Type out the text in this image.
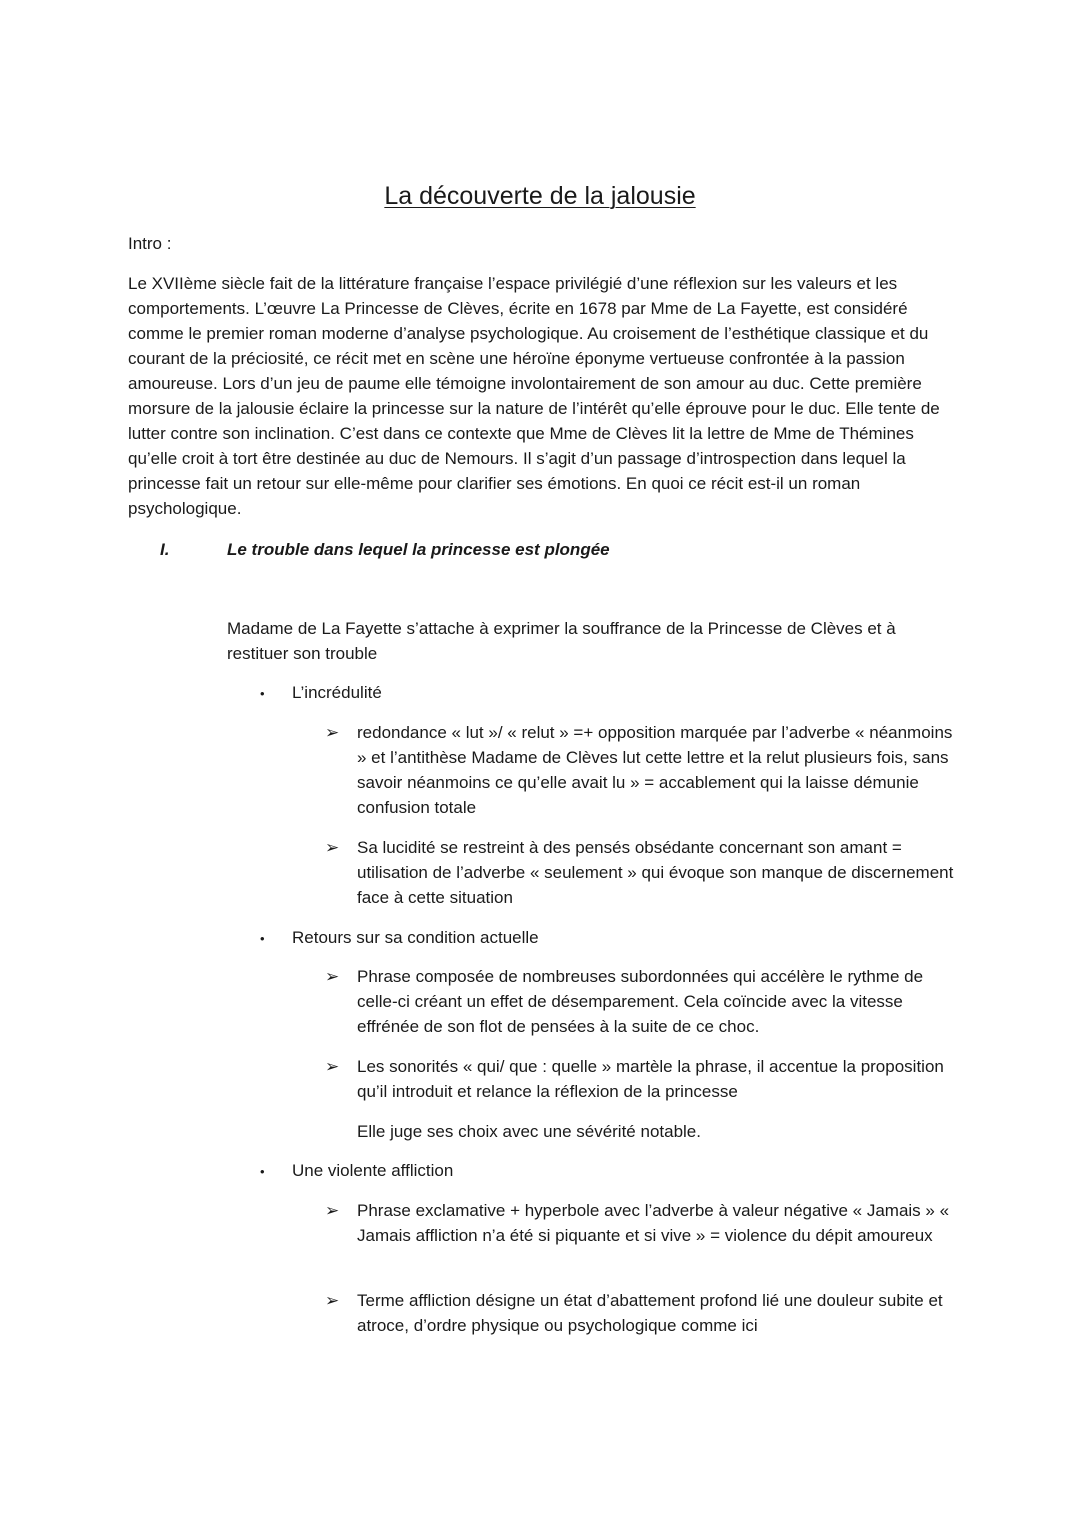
La découverte de la jalousie
Intro :

Le XVIIème siècle fait de la littérature française l’espace privilégié d’une réflexion sur les valeurs et les comportements. L’œuvre La Princesse de Clèves, écrite en 1678 par Mme de La Fayette, est considéré comme le premier roman moderne d’analyse psychologique. Au croisement de l’esthétique classique et du courant de la préciosité, ce récit met en scène une héroïne éponyme vertueuse confrontée à la passion amoureuse. Lors d’un jeu de paume elle témoigne involontairement de son amour au duc. Cette première morsure de la jalousie éclaire la princesse sur la nature de l’intérêt qu’elle éprouve pour le duc. Elle tente de lutter contre son inclination. C’est dans ce contexte que Mme de Clèves lit la lettre de Mme de Thémines qu’elle croit à tort être destinée au duc de Nemours. Il s’agit d’un passage d’introspection dans lequel la princesse fait un retour sur elle-même pour clarifier ses émotions. En quoi ce récit est-il un roman psychologique.

I.	Le trouble dans lequel la princesse est plongée

Madame de La Fayette s’attache à exprimer la souffrance de la Princesse de Clèves et à restituer son trouble

• L’incrédulité
➢	redondance « lut »/ « relut » =+ opposition marquée par l’adverbe « néanmoins » et l’antithèse Madame de Clèves lut cette lettre et la relut plusieurs fois, sans savoir néanmoins ce qu’elle avait lu » = accablement qui la laisse démunie confusion totale
➢	Sa lucidité se restreint à des pensés obsédante concernant son amant = utilisation de l’adverbe « seulement » qui évoque son manque de discernement face à cette situation
• Retours sur sa condition actuelle
➢	Phrase composée de nombreuses subordonnées qui accélère le rythme de celle-ci créant un effet de désemparement. Cela coïncide avec la vitesse effrénée de son flot de pensées à la suite de ce choc.
➢	Les sonorités « qui/ que : quelle » martèle la phrase, il accentue la proposition qu’il introduit et relance la réflexion de la princesse
Elle juge ses choix avec une sévérité notable.
• Une violente affliction
➢	Phrase exclamative + hyperbole avec l’adverbe à valeur négative « Jamais » « Jamais affliction n’a été si piquante et si vive » = violence du dépit amoureux
➢	Terme affliction désigne un état d’abattement profond lié une douleur subite et atroce, d’ordre physique ou psychologique comme ici
